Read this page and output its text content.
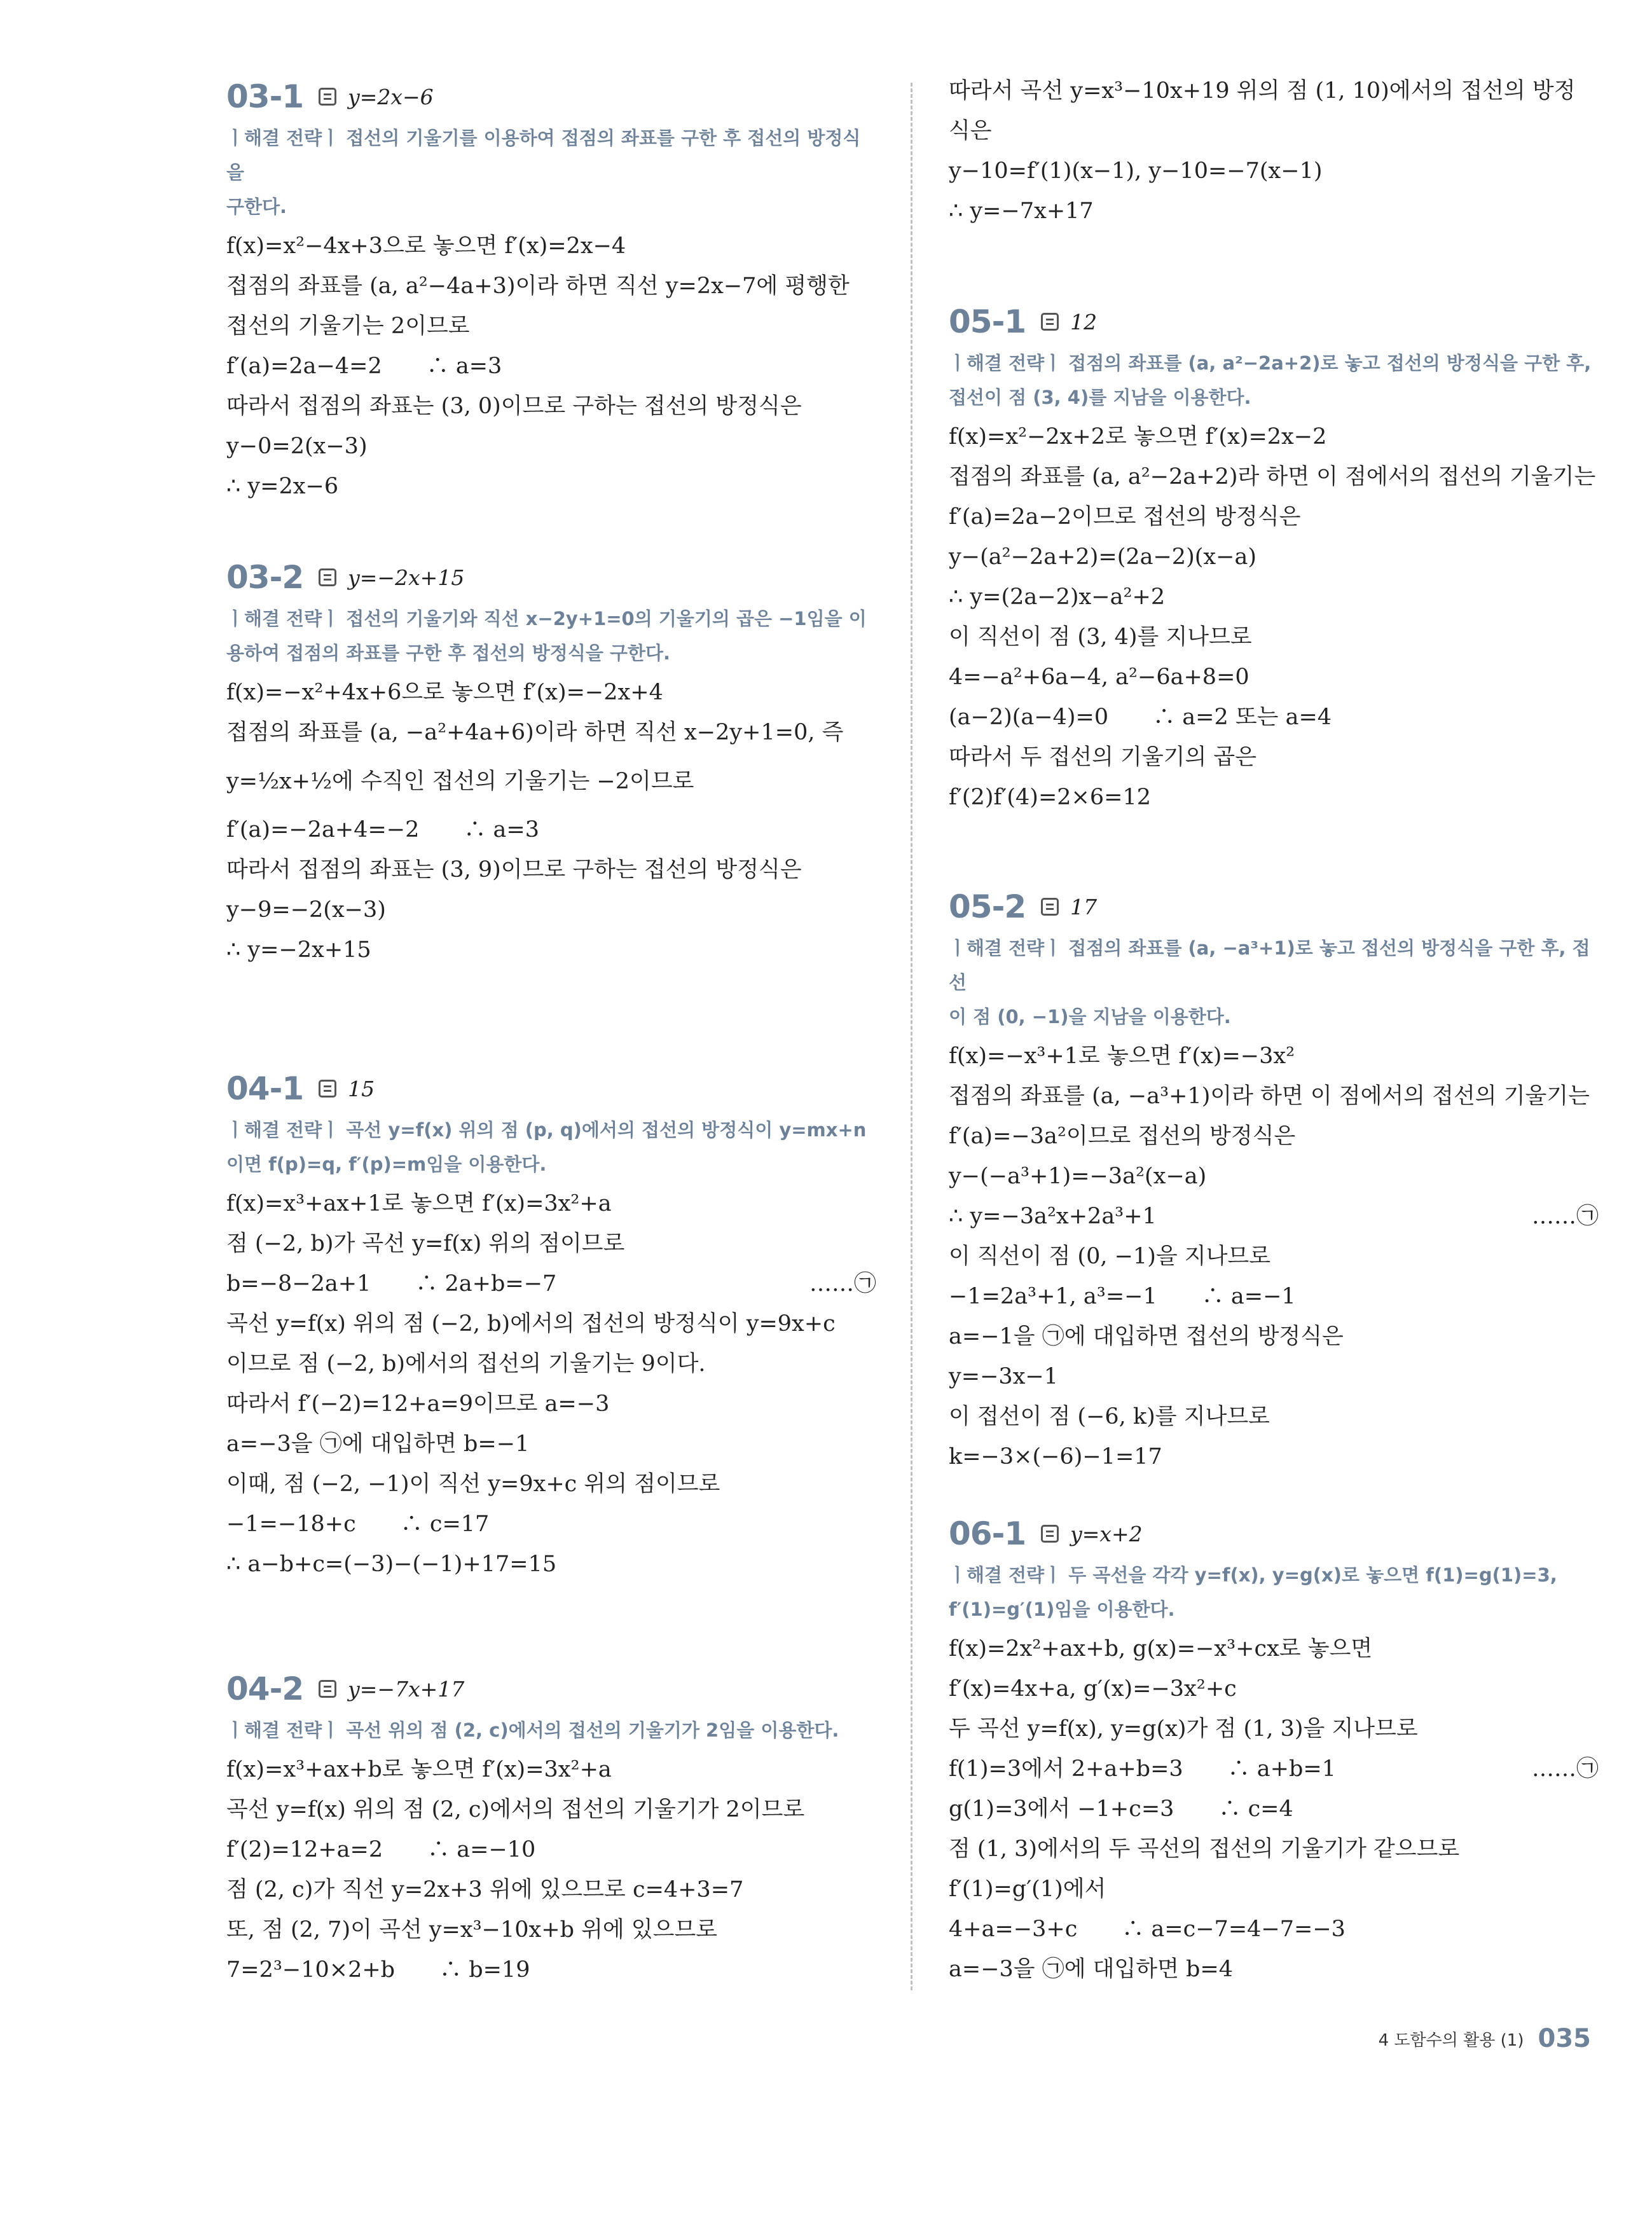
03-1 y=2x−6
ㅣ해결 전략ㅣ 접선의 기울기를 이용하여 접점의 좌표를 구한 후 접선의 방정식을
구한다.
f(x)=x²−4x+3으로 놓으면 f′(x)=2x−4
접점의 좌표를 (a, a²−4a+3)이라 하면 직선 y=2x−7에 평행한
접선의 기울기는 2이므로
f′(a)=2a−4=2　　∴ a=3
따라서 접점의 좌표는 (3, 0)이므로 구하는 접선의 방정식은
y−0=2(x−3)
∴ y=2x−6
03-2 y=−2x+15
ㅣ해결 전략ㅣ 접선의 기울기와 직선 x−2y+1=0의 기울기의 곱은 −1임을 이
용하여 접점의 좌표를 구한 후 접선의 방정식을 구한다.
f(x)=−x²+4x+6으로 놓으면 f′(x)=−2x+4
접점의 좌표를 (a, −a²+4a+6)이라 하면 직선 x−2y+1=0, 즉
y=½x+½에 수직인 접선의 기울기는 −2이므로
f′(a)=−2a+4=−2　　∴ a=3
따라서 접점의 좌표는 (3, 9)이므로 구하는 접선의 방정식은
y−9=−2(x−3)
∴ y=−2x+15
04-1 15
ㅣ해결 전략ㅣ 곡선 y=f(x) 위의 점 (p, q)에서의 접선의 방정식이 y=mx+n
이면 f(p)=q, f′(p)=m임을 이용한다.
f(x)=x³+ax+1로 놓으면 f′(x)=3x²+a
점 (−2, b)가 곡선 y=f(x) 위의 점이므로
b=−8−2a+1　　∴ 2a+b=−7	……㉠
곡선 y=f(x) 위의 점 (−2, b)에서의 접선의 방정식이 y=9x+c
이므로 점 (−2, b)에서의 접선의 기울기는 9이다.
따라서 f′(−2)=12+a=9이므로 a=−3
a=−3을 ㉠에 대입하면 b=−1
이때, 점 (−2, −1)이 직선 y=9x+c 위의 점이므로
−1=−18+c　　∴ c=17
∴ a−b+c=(−3)−(−1)+17=15
04-2 y=−7x+17
ㅣ해결 전략ㅣ 곡선 위의 점 (2, c)에서의 접선의 기울기가 2임을 이용한다.
f(x)=x³+ax+b로 놓으면 f′(x)=3x²+a
곡선 y=f(x) 위의 점 (2, c)에서의 접선의 기울기가 2이므로
f′(2)=12+a=2　　∴ a=−10
점 (2, c)가 직선 y=2x+3 위에 있으므로 c=4+3=7
또, 점 (2, 7)이 곡선 y=x³−10x+b 위에 있으므로
7=2³−10×2+b　　∴ b=19
따라서 곡선 y=x³−10x+19 위의 점 (1, 10)에서의 접선의 방정
식은
y−10=f′(1)(x−1), y−10=−7(x−1)
∴ y=−7x+17
05-1 12
ㅣ해결 전략ㅣ 접점의 좌표를 (a, a²−2a+2)로 놓고 접선의 방정식을 구한 후,
접선이 점 (3, 4)를 지남을 이용한다.
f(x)=x²−2x+2로 놓으면 f′(x)=2x−2
접점의 좌표를 (a, a²−2a+2)라 하면 이 점에서의 접선의 기울기는
f′(a)=2a−2이므로 접선의 방정식은
y−(a²−2a+2)=(2a−2)(x−a)
∴ y=(2a−2)x−a²+2
이 직선이 점 (3, 4)를 지나므로
4=−a²+6a−4, a²−6a+8=0
(a−2)(a−4)=0　　∴ a=2 또는 a=4
따라서 두 접선의 기울기의 곱은
f′(2)f′(4)=2×6=12
05-2 17
ㅣ해결 전략ㅣ 접점의 좌표를 (a, −a³+1)로 놓고 접선의 방정식을 구한 후, 접선
이 점 (0, −1)을 지남을 이용한다.
f(x)=−x³+1로 놓으면 f′(x)=−3x²
접점의 좌표를 (a, −a³+1)이라 하면 이 점에서의 접선의 기울기는
f′(a)=−3a²이므로 접선의 방정식은
y−(−a³+1)=−3a²(x−a)
∴ y=−3a²x+2a³+1	……㉠
이 직선이 점 (0, −1)을 지나므로
−1=2a³+1, a³=−1　　∴ a=−1
a=−1을 ㉠에 대입하면 접선의 방정식은
y=−3x−1
이 접선이 점 (−6, k)를 지나므로
k=−3×(−6)−1=17
06-1 y=x+2
ㅣ해결 전략ㅣ 두 곡선을 각각 y=f(x), y=g(x)로 놓으면 f(1)=g(1)=3,
f′(1)=g′(1)임을 이용한다.
f(x)=2x²+ax+b, g(x)=−x³+cx로 놓으면
f′(x)=4x+a, g′(x)=−3x²+c
두 곡선 y=f(x), y=g(x)가 점 (1, 3)을 지나므로
f(1)=3에서 2+a+b=3　　∴ a+b=1	……㉠
g(1)=3에서 −1+c=3　　∴ c=4
점 (1, 3)에서의 두 곡선의 접선의 기울기가 같으므로
f′(1)=g′(1)에서
4+a=−3+c　　∴ a=c−7=4−7=−3
a=−3을 ㉠에 대입하면 b=4
4 도함수의 활용 (1) 035
